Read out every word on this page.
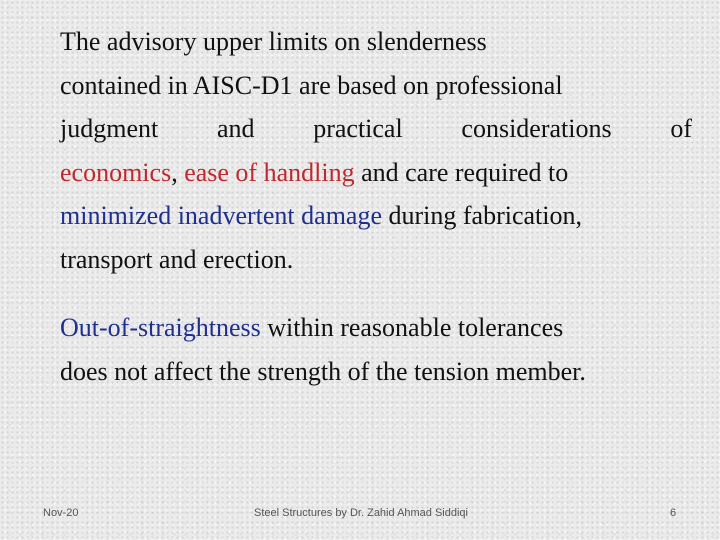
The advisory upper limits on slenderness
contained in AISC-D1 are based on professional
judgment and practical considerations of
economics, ease of handling and care required to
minimized inadvertent damage during fabrication,
transport and erection.
Out-of-straightness within reasonable tolerances
does not affect the strength of the tension member.
Nov-20	Steel Structures by Dr. Zahid Ahmad Siddiqi	6
